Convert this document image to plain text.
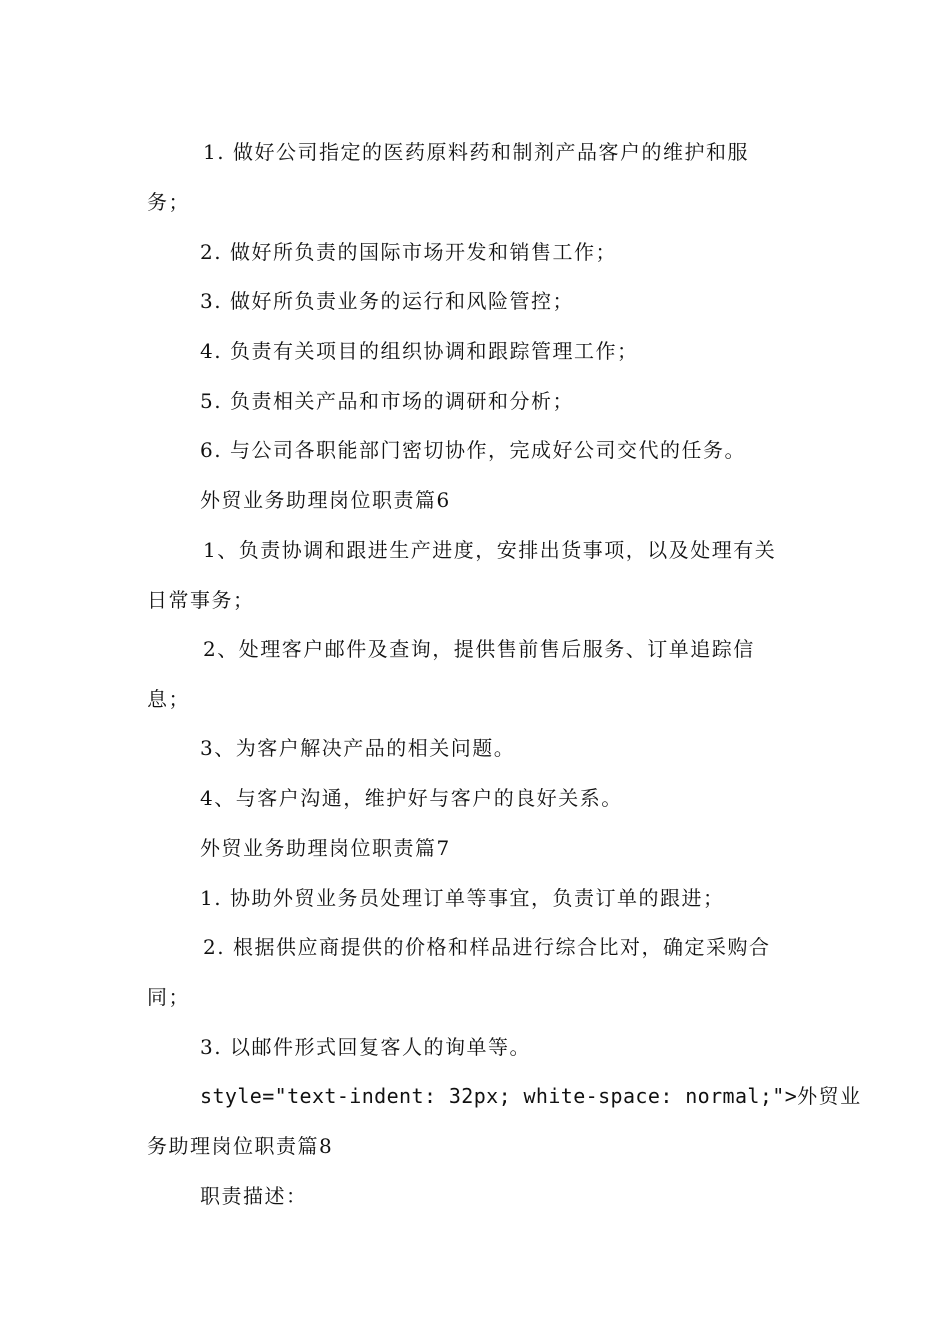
1. 做好公司指定的医药原料药和制剂产品客户的维护和服
务；
2. 做好所负责的国际市场开发和销售工作；
3. 做好所负责业务的运行和风险管控；
4. 负责有关项目的组织协调和跟踪管理工作；
5. 负责相关产品和市场的调研和分析；
6. 与公司各职能部门密切协作，完成好公司交代的任务。
外贸业务助理岗位职责篇6
1、负责协调和跟进生产进度，安排出货事项，以及处理有关
日常事务；
2、处理客户邮件及查询，提供售前售后服务、订单追踪信
息；
3、为客户解决产品的相关问题。
4、与客户沟通，维护好与客户的良好关系。
外贸业务助理岗位职责篇7
1. 协助外贸业务员处理订单等事宜，负责订单的跟进；
2. 根据供应商提供的价格和样品进行综合比对，确定采购合
同；
3. 以邮件形式回复客人的询单等。
style="text-indent: 32px; white-space: normal;">外贸业
务助理岗位职责篇8
职责描述：
